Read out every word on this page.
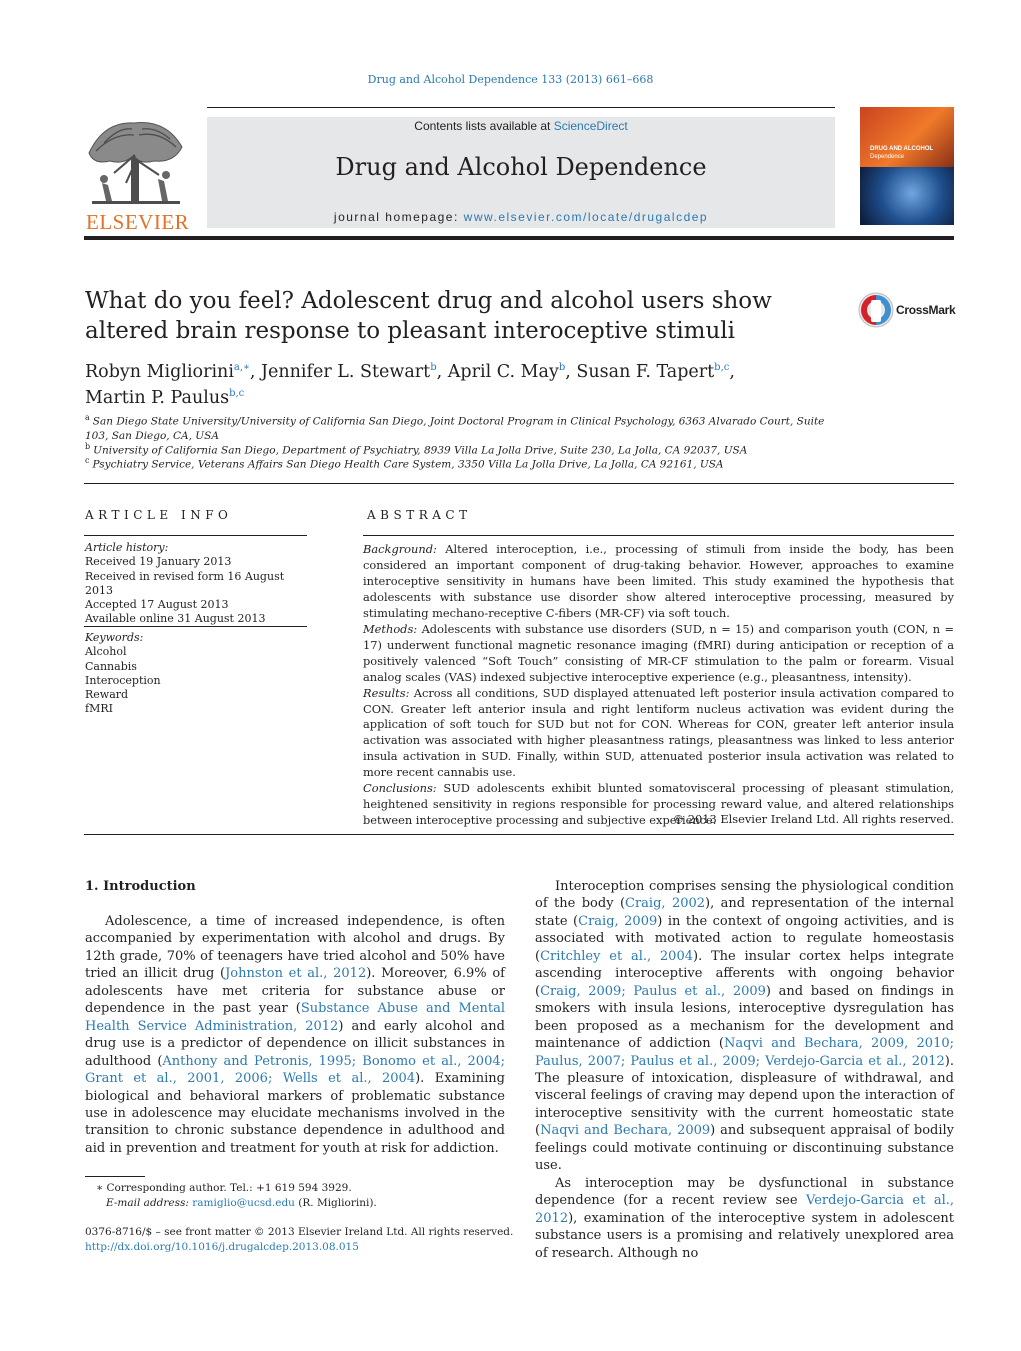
Drug and Alcohol Dependence 133 (2013) 661–668
ELSEVIER
Contents lists available at ScienceDirect
Drug and Alcohol Dependence
journal homepage: www.elsevier.com/locate/drugalcdep
DRUG AND ALCOHOL
Dependence
What do you feel? Adolescent drug and alcohol users show altered brain response to pleasant interoceptive stimuli
CrossMark
Robyn Migliorini$^{a,∗}$, Jennifer L. Stewart$^b$, April C. May$^b$, Susan F. Tapert$^{b,c}$,
Martin P. Paulus$^{b,c}$
$^a$ San Diego State University/University of California San Diego, Joint Doctoral Program in Clinical Psychology, 6363 Alvarado Court, Suite 103, San Diego, CA, USA
$^b$ University of California San Diego, Department of Psychiatry, 8939 Villa La Jolla Drive, Suite 230, La Jolla, CA 92037, USA
$^c$ Psychiatry Service, Veterans Affairs San Diego Health Care System, 3350 Villa La Jolla Drive, La Jolla, CA 92161, USA
ARTICLE INFO
Article history:
Received 19 January 2013
Received in revised form 16 August 2013
Accepted 17 August 2013
Available online 31 August 2013
Keywords:
Alcohol
Cannabis
Interoception
Reward
fMRI
ABSTRACT

Background: Altered interoception, i.e., processing of stimuli from inside the body, has been considered an important component of drug-taking behavior. However, approaches to examine interoceptive sensitivity in humans have been limited. This study examined the hypothesis that adolescents with substance use disorder show altered interoceptive processing, measured by stimulating mechano-receptive C-fibers (MR-CF) via soft touch.

Methods: Adolescents with substance use disorders (SUD, n = 15) and comparison youth (CON, n = 17) underwent functional magnetic resonance imaging (fMRI) during anticipation or reception of a positively valenced “Soft Touch” consisting of MR-CF stimulation to the palm or forearm. Visual analog scales (VAS) indexed subjective interoceptive experience (e.g., pleasantness, intensity).

Results: Across all conditions, SUD displayed attenuated left posterior insula activation compared to CON. Greater left anterior insula and right lentiform nucleus activation was evident during the application of soft touch for SUD but not for CON. Whereas for CON, greater left anterior insula activation was associated with higher pleasantness ratings, pleasantness was linked to less anterior insula activation in SUD. Finally, within SUD, attenuated posterior insula activation was related to more recent cannabis use.

Conclusions: SUD adolescents exhibit blunted somatovisceral processing of pleasant stimulation, heightened sensitivity in regions responsible for processing reward value, and altered relationships between interoceptive processing and subjective experience.

© 2013 Elsevier Ireland Ltd. All rights reserved.
1. Introduction

Adolescence, a time of increased independence, is often accompanied by experimentation with alcohol and drugs. By 12th grade, 70% of teenagers have tried alcohol and 50% have tried an illicit drug (Johnston et al., 2012). Moreover, 6.9% of adolescents have met criteria for substance abuse or dependence in the past year (Substance Abuse and Mental Health Service Administration, 2012) and early alcohol and drug use is a predictor of dependence on illicit substances in adulthood (Anthony and Petronis, 1995; Bonomo et al., 2004; Grant et al., 2001, 2006; Wells et al., 2004). Examining biological and behavioral markers of problematic substance use in adolescence may elucidate mechanisms involved in the transition to chronic substance dependence in adulthood and aid in prevention and treatment for youth at risk for addiction.

Interoception comprises sensing the physiological condition of the body (Craig, 2002), and representation of the internal state (Craig, 2009) in the context of ongoing activities, and is associated with motivated action to regulate homeostasis (Critchley et al., 2004). The insular cortex helps integrate ascending interoceptive afferents with ongoing behavior (Craig, 2009; Paulus et al., 2009) and based on findings in smokers with insula lesions, interoceptive dysregulation has been proposed as a mechanism for the development and maintenance of addiction (Naqvi and Bechara, 2009, 2010; Paulus, 2007; Paulus et al., 2009; Verdejo-Garcia et al., 2012). The pleasure of intoxication, displeasure of withdrawal, and visceral feelings of craving may depend upon the interaction of interoceptive sensitivity with the current homeostatic state (Naqvi and Bechara, 2009) and subsequent appraisal of bodily feelings could motivate continuing or discontinuing substance use.

As interoception may be dysfunctional in substance dependence (for a recent review see Verdejo-Garcia et al., 2012), examination of the interoceptive system in adolescent substance users is a promising and relatively unexplored area of research. Although no

∗ Corresponding author. Tel.: +1 619 594 3929.
E-mail address: ramiglio@ucsd.edu (R. Migliorini).
0376-8716/$ – see front matter © 2013 Elsevier Ireland Ltd. All rights reserved.
http://dx.doi.org/10.1016/j.drugalcdep.2013.08.015
